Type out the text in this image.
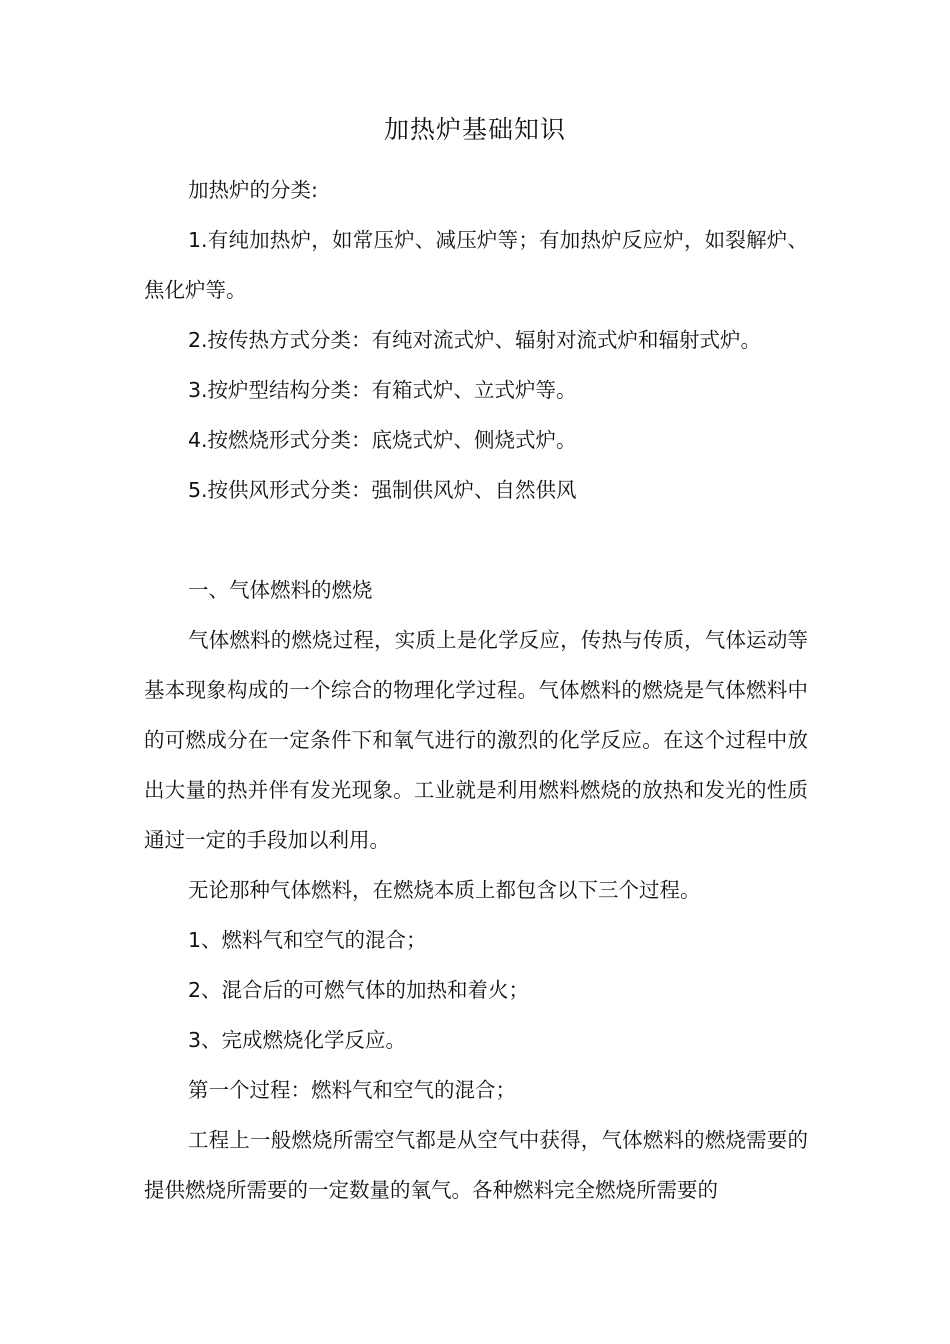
加热炉基础知识

加热炉的分类:

1.有纯加热炉，如常压炉、减压炉等；有加热炉反应炉，如裂解炉、焦化炉等。

2.按传热方式分类：有纯对流式炉、辐射对流式炉和辐射式炉。

3.按炉型结构分类：有箱式炉、立式炉等。

4.按燃烧形式分类：底烧式炉、侧烧式炉。

5.按供风形式分类：强制供风炉、自然供风

一、气体燃料的燃烧

气体燃料的燃烧过程，实质上是化学反应，传热与传质，气体运动等基本现象构成的一个综合的物理化学过程。气体燃料的燃烧是气体燃料中的可燃成分在一定条件下和氧气进行的激烈的化学反应。在这个过程中放出大量的热并伴有发光现象。工业就是利用燃料燃烧的放热和发光的性质通过一定的手段加以利用。

无论那种气体燃料，在燃烧本质上都包含以下三个过程。

1、燃料气和空气的混合；

2、混合后的可燃气体的加热和着火；

3、完成燃烧化学反应。

第一个过程：燃料气和空气的混合；

工程上一般燃烧所需空气都是从空气中获得，气体燃料的燃烧需要的提供燃烧所需要的一定数量的氧气。各种燃料完全燃烧所需要的
